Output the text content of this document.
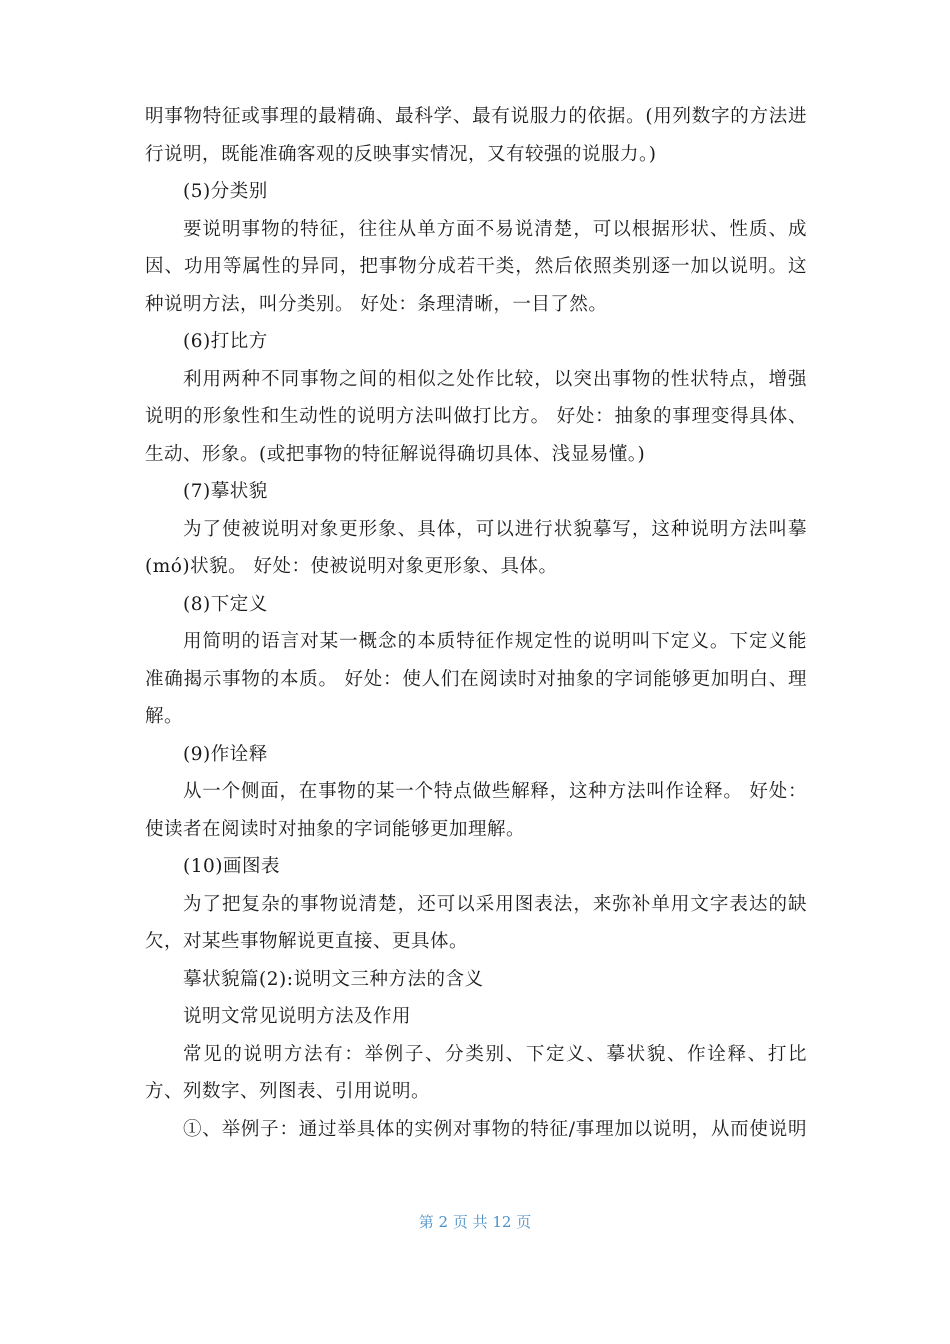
明事物特征或事理的最精确、最科学、最有说服力的依据。(用列数字的方法进
行说明，既能准确客观的反映事实情况，又有较强的说服力。)
(5)分类别
要说明事物的特征，往往从单方面不易说清楚，可以根据形状、性质、成
因、功用等属性的异同，把事物分成若干类，然后依照类别逐一加以说明。这
种说明方法，叫分类别。 好处：条理清晰，一目了然。
(6)打比方
利用两种不同事物之间的相似之处作比较，以突出事物的性状特点，增强
说明的形象性和生动性的说明方法叫做打比方。 好处：抽象的事理变得具体、
生动、形象。(或把事物的特征解说得确切具体、浅显易懂。)
(7)摹状貌
为了使被说明对象更形象、具体，可以进行状貌摹写，这种说明方法叫摹
(mó)状貌。 好处：使被说明对象更形象、具体。
(8)下定义
用简明的语言对某一概念的本质特征作规定性的说明叫下定义。下定义能
准确揭示事物的本质。 好处：使人们在阅读时对抽象的字词能够更加明白、理
解。
(9)作诠释
从一个侧面，在事物的某一个特点做些解释，这种方法叫作诠释。 好处：
使读者在阅读时对抽象的字词能够更加理解。
(10)画图表
为了把复杂的事物说清楚，还可以采用图表法，来弥补单用文字表达的缺
欠，对某些事物解说更直接、更具体。
摹状貌篇(2):说明文三种方法的含义
说明文常见说明方法及作用
常见的说明方法有：举例子、分类别、下定义、摹状貌、作诠释、打比
方、列数字、列图表、引用说明。
①、举例子：通过举具体的实例对事物的特征/事理加以说明，从而使说明
第 2 页 共 12 页
